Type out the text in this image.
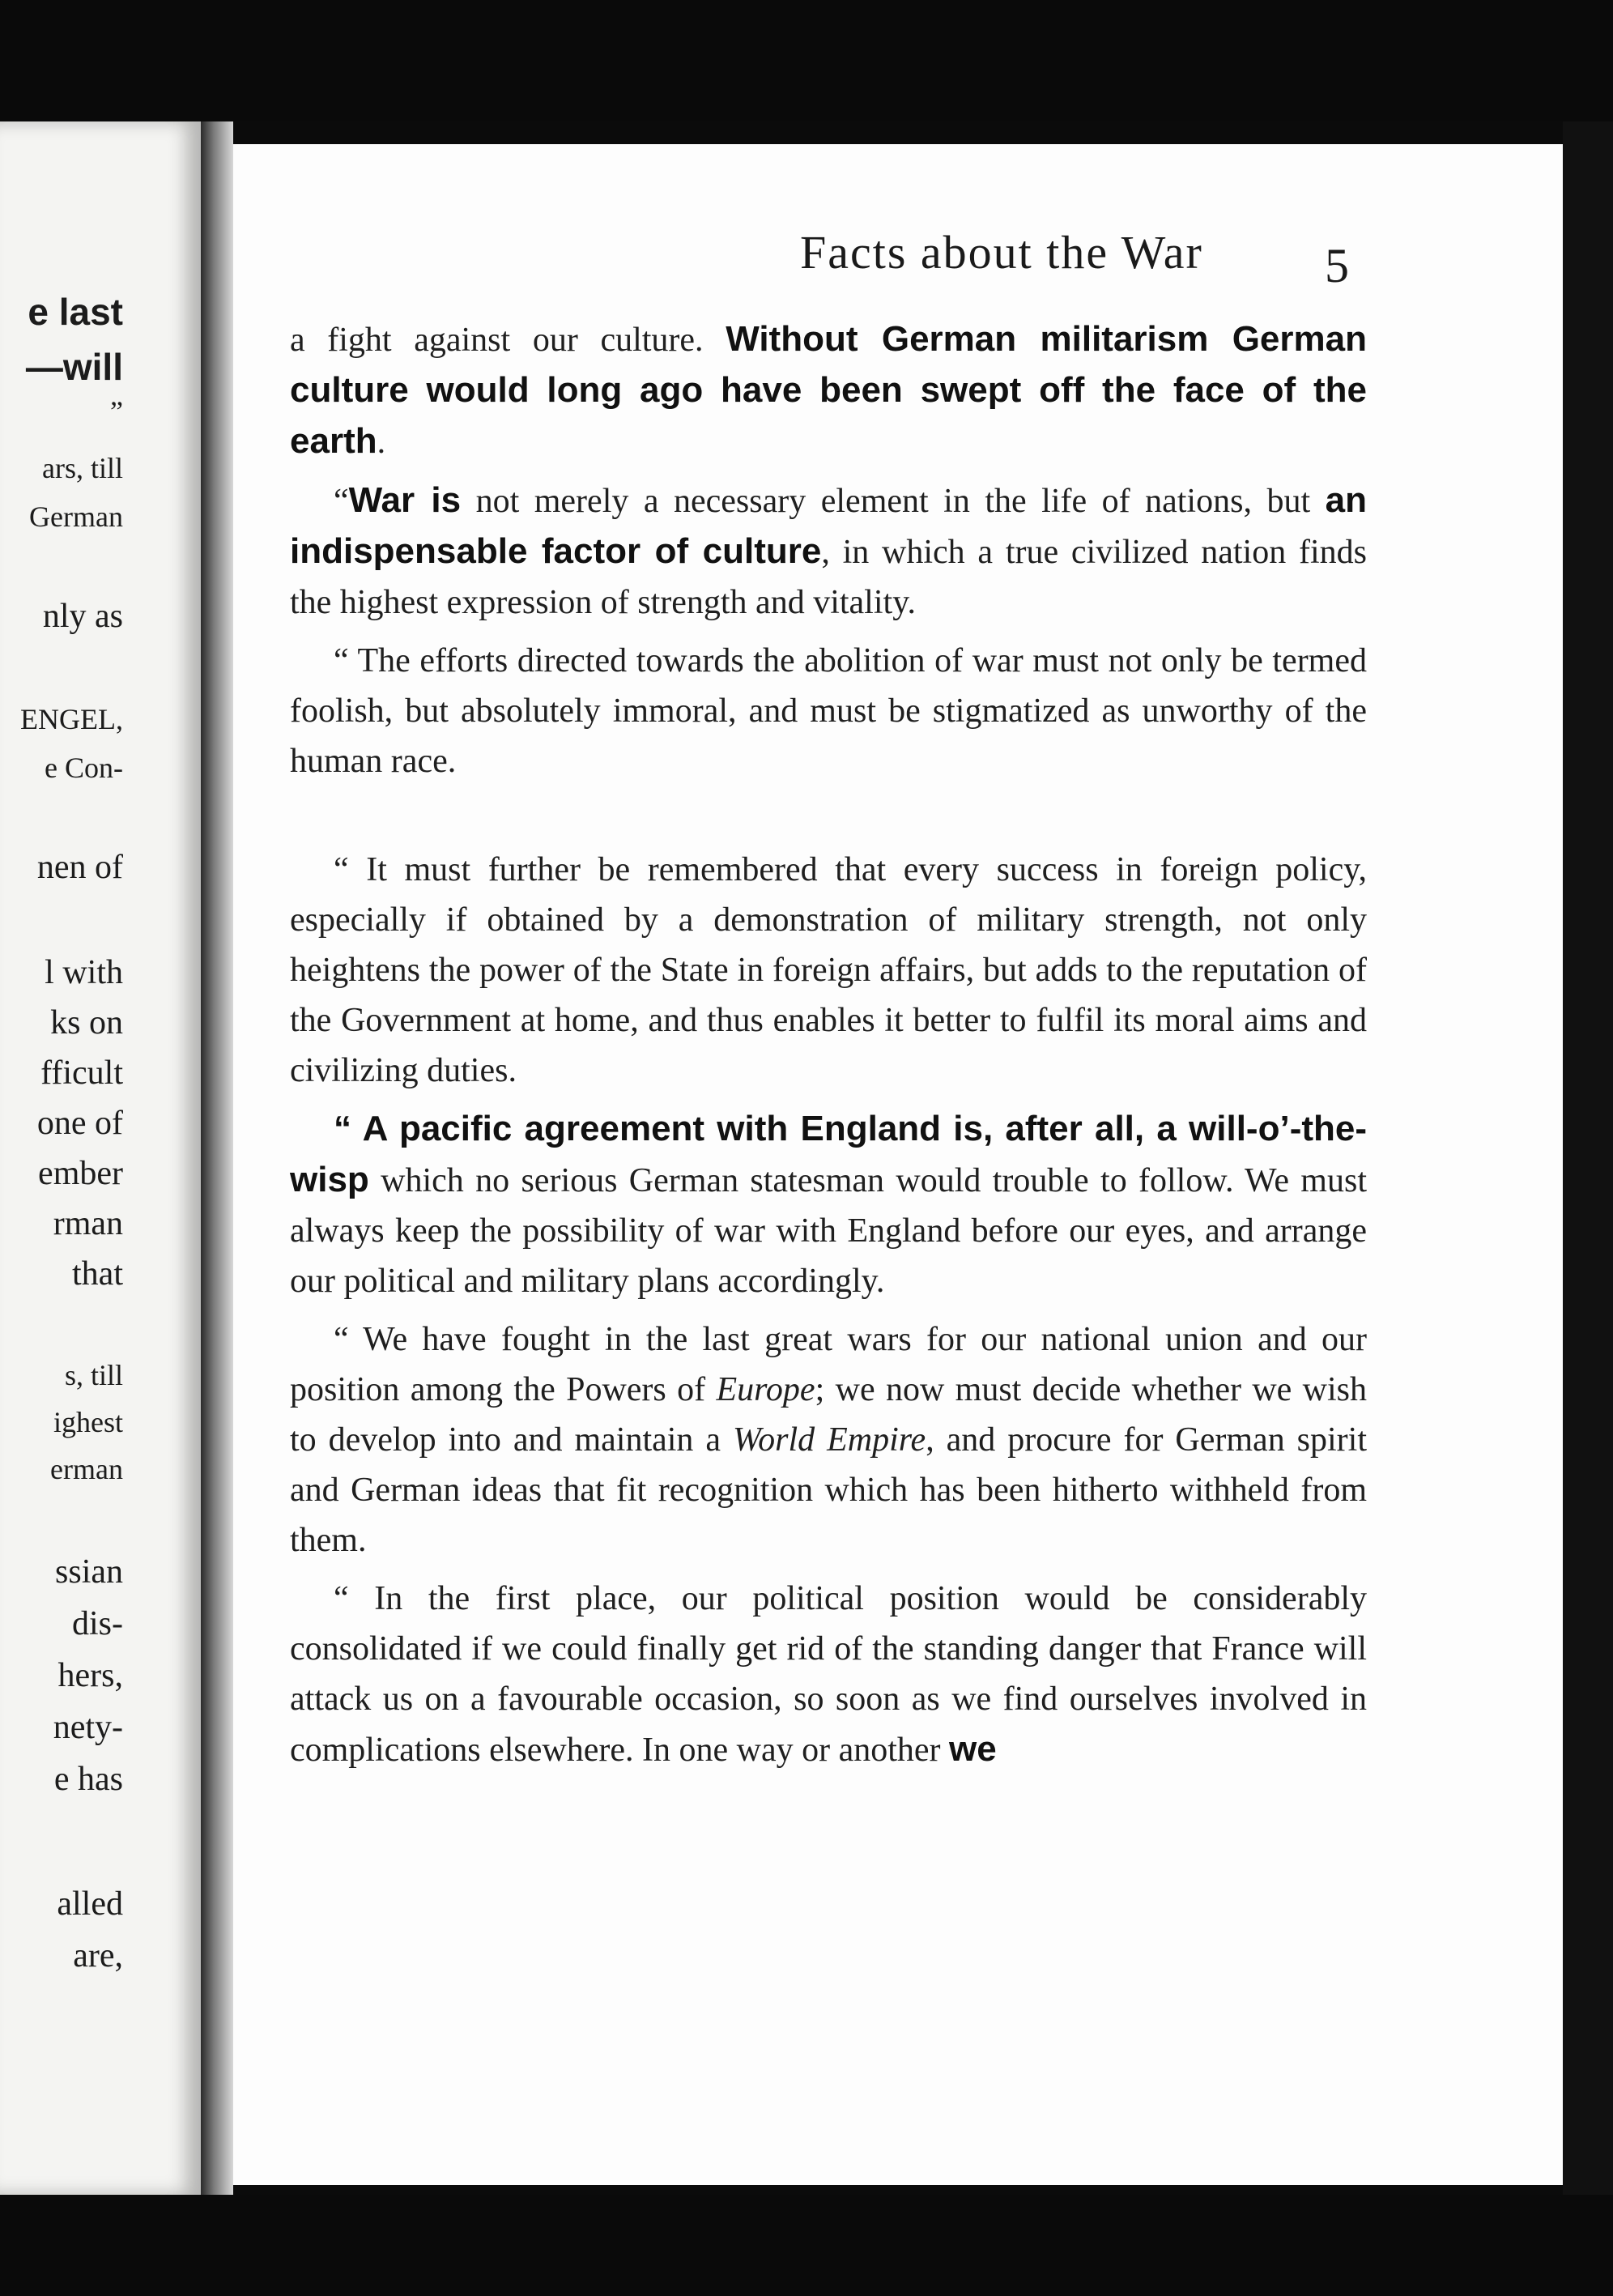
e last
—will
”
ars, till
German
nly as
ENGEL,
e Con-
nen of
l with
ks on
fficult
one of
ember
rman
that
s, till
ighest
erman
ssian
dis-
hers,
nety-
e has
alled
are,
Facts about the War	5

a fight against our culture. Without German militarism German culture would long ago have been swept off the face of the earth.

“War is not merely a necessary element in the life of nations, but an indispensable factor of culture, in which a true civilized nation finds the highest expression of strength and vitality.

“ The efforts directed towards the abolition of war must not only be termed foolish, but absolutely immoral, and must be stigmatized as unworthy of the human race.

“ It must further be remembered that every success in foreign policy, especially if obtained by a demonstration of military strength, not only heightens the power of the State in foreign affairs, but adds to the reputation of the Government at home, and thus enables it better to fulfil its moral aims and civilizing duties.

“ A pacific agreement with England is, after all, a will-o’-the-wisp which no serious German statesman would trouble to follow. We must always keep the possibility of war with England before our eyes, and arrange our political and military plans accordingly.

“ We have fought in the last great wars for our national union and our position among the Powers of Europe; we now must decide whether we wish to develop into and maintain a World Empire, and procure for German spirit and German ideas that fit recognition which has been hitherto withheld from them.

“ In the first place, our political position would be considerably consolidated if we could finally get rid of the standing danger that France will attack us on a favourable occasion, so soon as we find ourselves involved in complications elsewhere. In one way or another we
